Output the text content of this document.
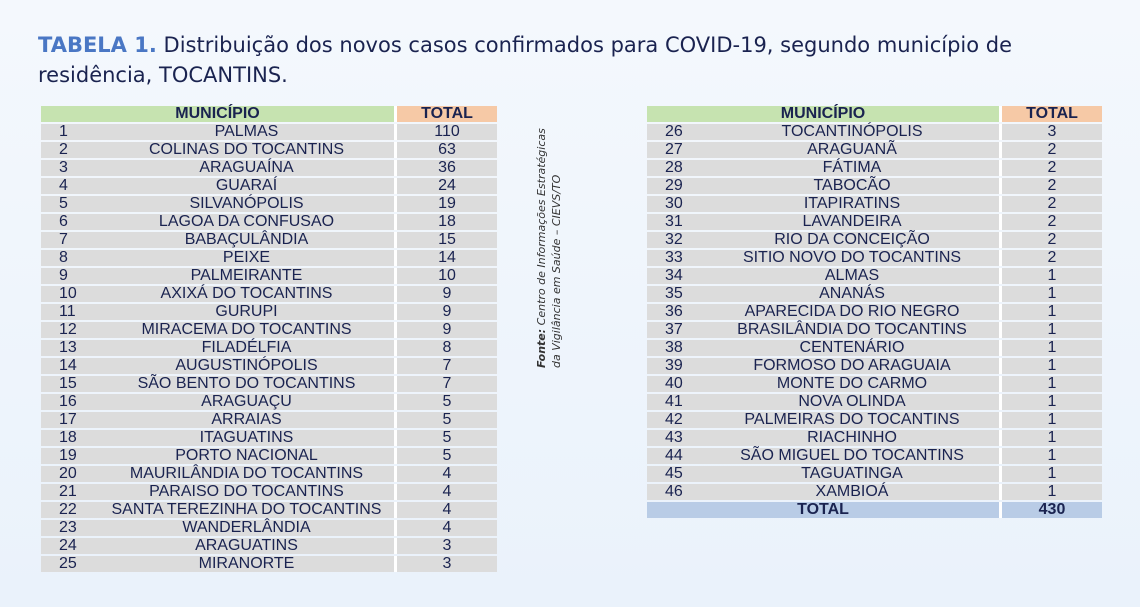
TABELA 1. Distribuição dos novos casos confirmados para COVID-19, segundo município de residência, TOCANTINS.
MUNICÍPIO		TOTAL
1	PALMAS	110
2	COLINAS DO TOCANTINS	63
3	ARAGUAÍNA	36
4	GUARAÍ	24
5	SILVANÓPOLIS	19
6	LAGOA DA CONFUSAO	18
7	BABAÇULÂNDIA	15
8	PEIXE	14
9	PALMEIRANTE	10
10	AXIXÁ DO TOCANTINS	9
11	GURUPI	9
12	MIRACEMA DO TOCANTINS	9
13	FILADÉLFIA	8
14	AUGUSTINÓPOLIS	7
15	SÃO BENTO DO TOCANTINS	7
16	ARAGUAÇU	5
17	ARRAIAS	5
18	ITAGUATINS	5
19	PORTO NACIONAL	5
20	MAURILÂNDIA DO TOCANTINS	4
21	PARAISO DO TOCANTINS	4
22	SANTA TEREZINHA DO TOCANTINS	4
23	WANDERLÂNDIA	4
24	ARAGUATINS	3
25	MIRANORTE	3
Fonte: Centro de Informações Estratégicas da Vigilância em Saúde – CIEVS/TO
MUNICÍPIO		TOTAL
26	TOCANTINÓPOLIS	3
27	ARAGUANÃ	2
28	FÁTIMA	2
29	TABOCÃO	2
30	ITAPIRATINS	2
31	LAVANDEIRA	2
32	RIO DA CONCEIÇÃO	2
33	SITIO NOVO DO TOCANTINS	2
34	ALMAS	1
35	ANANÁS	1
36	APARECIDA DO RIO NEGRO	1
37	BRASILÂNDIA DO TOCANTINS	1
38	CENTENÁRIO	1
39	FORMOSO DO ARAGUAIA	1
40	MONTE DO CARMO	1
41	NOVA OLINDA	1
42	PALMEIRAS DO TOCANTINS	1
43	RIACHINHO	1
44	SÃO MIGUEL DO TOCANTINS	1
45	TAGUATINGA	1
46	XAMBIOÁ	1
TOTAL		430
